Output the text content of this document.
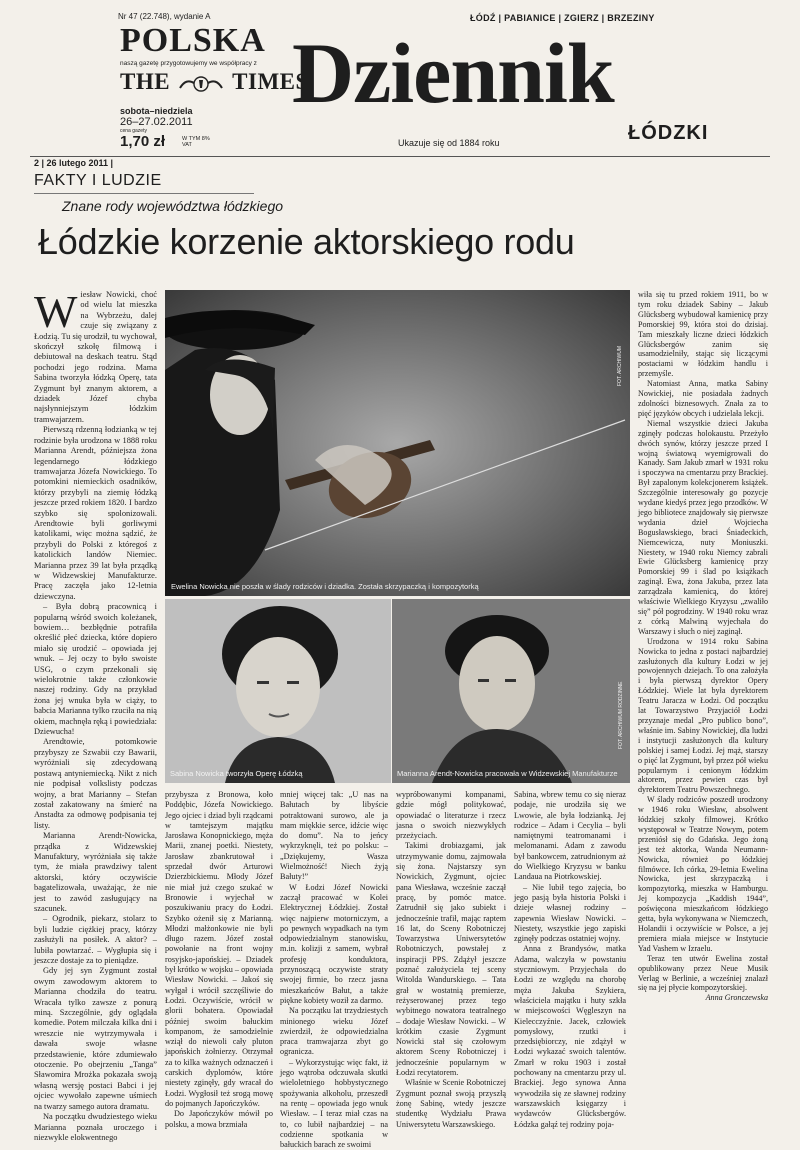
Nr 47 (22.748), wydanie A	ŁÓDŹ | PABIANICE | ZGIERZ | BRZEZINY
POLSKA
naszą gazetę przygotowujemy we współpracy z
THE	TIMES
sobota–niedziela
26–27.02.2011
cena gazety
1,70 zł	W TYM 8% VAT
Dziennik
ŁÓDZKI
Ukazuje się od 1884 roku
2 | 26 lutego 2011 |
FAKTY I LUDZIE
Znane rody województwa łódzkiego
Łódzkie korzenie aktorskiego rodu
Ewelina Nowicka nie poszła w ślady rodziców i dziadka. Została skrzypaczką i kompozytorką
FOT. ARCHIWUM
Sabina Nowicka tworzyła Operę Łódzką	Marianna Arendt-Nowicka pracowała w Widzewskiej Manufakturze
FOT. ARCHIWUM RODZINNE

Wiesław Nowicki, choć od wielu lat mieszka na Wybrzeżu, dalej czuje się związany z Łodzią. Tu się urodził, tu wychował, skończył szkołę filmową i debiutował na deskach teatru. Stąd pochodzi jego rodzina. Mama Sabina tworzyła łódzką Operę, tata Zygmunt był znanym aktorem, a dziadek Józef chyba najsłynniejszym łódzkim tramwajarzem.

Pierwszą rdzenną łodzianką w tej rodzinie była urodzona w 1888 roku Marianna Arendt, późniejsza żona legendarnego łódzkiego tramwajarza Józefa Nowickiego. To potomkini niemieckich osadników, którzy przybyli na ziemię łódzką jeszcze przed rokiem 1820. I bardzo szybko się spolonizowali. Arendtowie byli gorliwymi katolikami, więc można sądzić, że przybyli do Polski z któregoś z katolickich landów Niemiec. Marianna przez 39 lat była prządką w Widzewskiej Manufakturze. Pracę zaczęła jako 12-letnia dziewczyna.

– Była dobrą pracownicą i popularną wśród swoich koleżanek, bowiem… bezbłędnie potrafiła określić płeć dziecka, które dopiero miało się urodzić – opowiada jej wnuk. – Jej oczy to było swoiste USG, o czym przekonali się wielokrotnie także członkowie naszej rodziny. Gdy na przykład żona jej wnuka była w ciąży, to babcia Marianna tylko rzuciła na nią okiem, machnęła ręką i powiedziała: Dziewucha!

Arendtowie, potomkowie przybyszy ze Szwabii czy Bawarii, wyróżniali się zdecydowaną postawą antyniemiecką. Nikt z nich nie podpisał volkslisty podczas wojny, a brat Marianny – Stefan został zakatowany na śmierć na Anstadta za odmowę podpisania tej listy.

Marianna Arendt-Nowicka, prządka z Widzewskiej Manufaktury, wyróżniała się także tym, że miała prawdziwy talent aktorski, który oczywiście bagatelizowała, uważając, że nie jest to zawód zasługujący na szacunek.

– Ogrodnik, piekarz, stolarz to byli ludzie ciężkiej pracy, którzy zasłużyli na posiłek. A aktor? – lubiła powtarzać. – Wygłupia się i jeszcze dostaje za to pieniądze.

Gdy jej syn Zygmunt został owym zawodowym aktorem to Marianna chodziła do teatru. Wracała tylko zawsze z ponurą miną. Szczególnie, gdy oglądała komedie. Potem milczała kilka dni i wreszcie nie wytrzymywała i dawała swoje własne przedstawienie, które zdumiewało otoczenie. Po obejrzeniu „Tanga” Sławomira Mrożka pokazała swoją własną wersję postaci Babci i jej ojciec wywołało zapewne uśmiech na twarzy samego autora dramatu.

Na początku dwudziestego wieku Marianna poznała uroczego i niezwykle elokwentnego

przybysza z Bronowa, koło Poddębic, Józefa Nowickiego. Jego ojciec i dziad byli rządcami w tamtejszym majątku Jarosława Konopnickiego, męża Marii, znanej poetki. Niestety, Jarosław zbankrutował i sprzedał dwór Arturowi Dzierzbickiemu. Młody Józef nie miał już czego szukać w Bronowie i wyjechał w poszukiwaniu pracy do Łodzi. Szybko ożenił się z Marianną. Młodzi małżonkowie nie byli długo razem. Józef został powołanie na front wojny rosyjsko-japońskiej. – Dziadek był krótko w wojsku – opowiada Wiesław Nowicki. – Jakoś się wyłgał i wrócił szczęśliwie do Łodzi. Oczywiście, wrócił w glorii bohatera. Opowiadał później swoim bałuckim kompanom, że samodzielnie wziął do niewoli cały pluton japońskich żołnierzy. Otrzymał za to kilka ważnych odznaczeń i carskich dyplomów, które niestety zginęły, gdy wracał do Łodzi. Wygłosił też srogą mowę do pojmanych Japończyków.

Do Japończyków mówił po polsku, a mowa brzmiała

mniej więcej tak: „U nas na Bałutach by libyście potraktowani surowo, ale ja mam miękkie serce, idźcie więc do domu”. Na to jeńcy wykrzyknęli, też po polsku: – „Dziękujemy, Wasza Wielmożność! Niech żyją Bałuty!”

W Łodzi Józef Nowicki zaczął pracować w Kolei Elektrycznej Łódzkiej. Został więc najpierw motorniczym, a po pewnych wypadkach na tym odpowiedzialnym stanowisku, m.in. kolizji z samem, wybrał profesję konduktora, przynoszącą oczywiste straty swojej firmie, bo rzecz jasna mieszkańców Bałut, a także piękne kobiety woził za darmo.

Na początku lat trzydziestych minionego wieku Józef zwierdził, że odpowiedzialna praca tramwajarza zbyt go ogranicza.

– Wykorzystując więc fakt, iż jego wątroba odczuwała skutki wieloletniego hobbystycznego spożywania alkoholu, przeszedł na rentę – opowiada jego wnuk Wiesław. – I teraz miał czas na to, co lubił najbardziej – na codzienne spotkania w bałuckich barach ze swoimi

wypróbowanymi kompanami, gdzie mógł politykować, opowiadać o literaturze i rzecz jasna o swoich niezwykłych przeżyciach.

Takimi drobiazgami, jak utrzymywanie domu, zajmowała się żona. Najstarszy syn Nowickich, Zygmunt, ojciec pana Wiesława, wcześnie zaczął pracę, by pomóc matce. Zatrudnił się jako subiekt i jednocześnie trafił, mając raptem 16 lat, do Sceny Robotniczej Towarzystwa Uniwersytetów Robotniczych, powstałej z inspiracji PPS. Zdążył jeszcze poznać założyciela tej sceny Witolda Wandurskiego. – Tata grał w wostatnią premierze, reżyserowanej przez tego wybitnego nowatora teatralnego – dodaje Wiesław Nowicki. – W krótkim czasie Zygmunt Nowicki stał się czołowym aktorem Sceny Robotniczej i jednocześnie popularnym w Łodzi recytatorem.

Właśnie w Scenie Robotniczej Zygmunt poznał swoją przyszłą żonę Sabinę, wtedy jeszcze studentkę Wydziału Prawa Uniwersytetu Warszawskiego.

Sabina, wbrew temu co się nieraz podaje, nie urodziła się we Lwowie, ale była łodzianką. Jej rodzice – Adam i Cecylia – byli namiętnymi teatromanami i melomanami. Adam z zawodu był bankowcem, zatrudnionym aż do Wielkiego Kryzysu w banku Landaua na Piotrkowskiej.

– Nie lubił tego zajęcia, bo jego pasją była historia Polski i dzieje własnej rodziny – zapewnia Wiesław Nowicki. – Niestety, wszystkie jego zapiski zginęły podczas ostatniej wojny.

Anna z Brandysów, matka Adama, walczyła w powstaniu styczniowym. Przyjechała do Łodzi ze względu na chorobę męża Jakuba Szykiera, właściciela majątku i huty szkła w miejscowości Węgleszyn na Kielecczyźnie. Jacek, człowiek pomysłowy, rzutki i przedsiębiorczy, nie zdążył w Łodzi wykazać swoich talentów. Zmarł w roku 1903 i został pochowany na cmentarzu przy ul. Brackiej. Jego synowa Anna wywodziła się ze sławnej rodziny warszawskich księgarzy i wydawców Glücksbergów. Łódzka gałąź tej rodziny poja-

wiła się tu przed rokiem 1911, bo w tym roku dziadek Sabiny – Jakub Glücksberg wybudował kamienicę przy Pomorskiej 99, która stoi do dzisiaj. Tam mieszkały liczne dzieci łódzkich Glücksbergów zanim się usamodzielniły, stając się liczącymi postaciami w łódzkim handlu i przemyśle.

Natomiast Anna, matka Sabiny Nowickiej, nie posiadała żadnych zdolności biznesowych. Znała za to pięć języków obcych i udzielała lekcji.

Niemal wszystkie dzieci Jakuba zginęły podczas holokaustu. Przeżyło dwóch synów, którzy jeszcze przed I wojną światową wyemigrowali do Kanady. Sam Jakub zmarł w 1931 roku i spoczywa na cmentarzu przy Brackiej. Był zapalonym kolekcjonerem książek. Szczególnie interesowały go pozycje wydane kiedyś przez jego przodków. W jego bibliotece znajdowały się pierwsze wydania dzieł Wojciecha Bogusławskiego, braci Śniadeckich, Niemcewicza, nuty Moniuszki. Niestety, w 1940 roku Niemcy zabrali Ewie Glücksberg kamienicę przy Pomorskiej 99 i ślad po książkach zaginął. Ewa, żona Jakuba, przez lata zarządzała kamienicą, do której właściwie Wielkiego Kryzysu „zwaliło się” pół pogrodziny. W 1940 roku wraz z córką Malwiną wyjechała do Warszawy i słuch o niej zaginął.

Urodzona w 1914 roku Sabina Nowicka to jedna z postaci najbardziej zasłużonych dla kultury Łodzi w jej powojennych dziejach. To ona założyła i była pierwszą dyrektor Opery Łódzkiej. Wiele lat była dyrektorem Teatru Jaracza w Łodzi. Od początku lat Towarzystwo Przyjaciół Łodzi przyznaje medal „Pro publico bono”, właśnie im. Sabiny Nowickiej, dla ludzi i instytucji zasłużonych dla kultury polskiej i samej Łodzi. Jej mąż, starszy o pięć lat Zygmunt, był przez pół wieku popularnym i cenionym łódzkim aktorem, przez pewien czas był dyrektorem Teatru Powszechnego.

W ślady rodziców poszedł urodzony w 1946 roku Wiesław, absolwent łódzkiej szkoły filmowej. Krótko występował w Teatrze Nowym, potem przeniósł się do Gdańska. Jego żoną jest też aktorka, Wanda Neumann-Nowicka, również po łódzkiej filmówce. Ich córka, 29-letnia Ewelina Nowicka, jest skrzypaczką i kompozytorką, mieszka w Hamburgu. Jej kompozycja „Kaddish 1944”, poświęcona mieszkańcom łódzkiego getta, była wykonywana w Niemczech, Holandii i oczywiście w Polsce, a jej premiera miała miejsce w Instytucie Yad Vashem w Izraelu.

Teraz ten utwór Ewelina został opublikowany przez Neue Musik Verlag w Berlinie, a wcześniej znalazł się na jej płycie kompozytorskiej.

Anna Gronczewska
